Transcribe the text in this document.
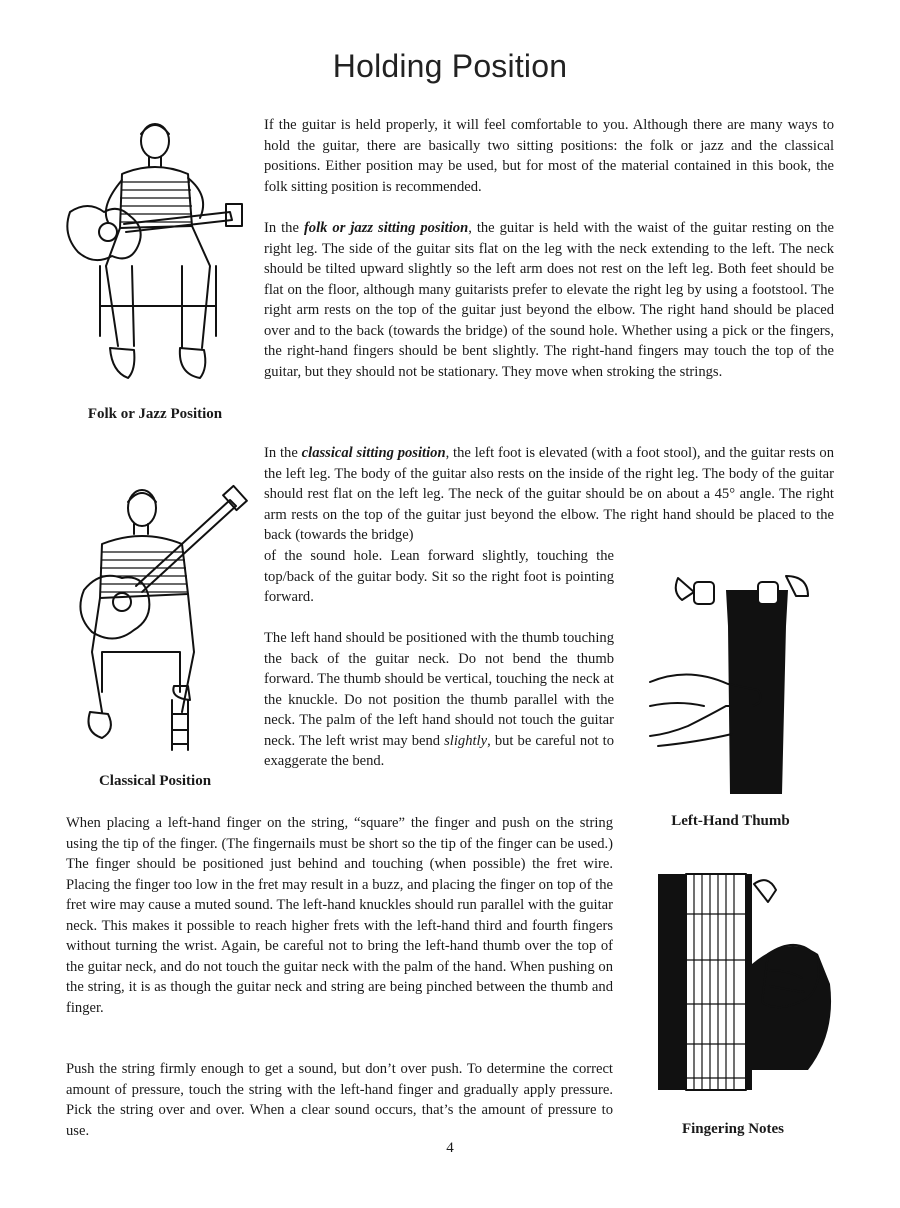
Holding Position
Folk or Jazz Position
Classical Position
Left-Hand Thumb
Fingering Notes

If the guitar is held properly, it will feel comfortable to you. Although there are many ways to hold the guitar, there are basically two sitting positions: the folk or jazz and the classical positions. Either position may be used, but for most of the material contained in this book, the folk sitting position is recommended.

In the folk or jazz sitting position, the guitar is held with the waist of the guitar resting on the right leg. The side of the guitar sits flat on the leg with the neck extending to the left. The neck should be tilted upward slightly so the left arm does not rest on the left leg. Both feet should be flat on the floor, although many guitarists prefer to elevate the right leg by using a footstool. The right arm rests on the top of the guitar just beyond the elbow. The right hand should be placed over and to the back (towards the bridge) of the sound hole. Whether using a pick or the fingers, the right-hand fingers should be bent slightly. The right-hand fingers may touch the top of the guitar, but they should not be stationary. They move when stroking the strings.

In the classical sitting position, the left foot is elevated (with a foot stool), and the guitar rests on the left leg. The body of the guitar also rests on the inside of the right leg. The body of the guitar should rest flat on the left leg. The neck of the guitar should be on about a 45° angle. The right arm rests on the top of the guitar just beyond the elbow. The right hand should be placed to the back (towards the bridge)

of the sound hole. Lean forward slightly, touching the top/back of the guitar body. Sit so the right foot is pointing forward.

The left hand should be positioned with the thumb touching the back of the guitar neck. Do not bend the thumb forward. The thumb should be vertical, touching the neck at the knuckle. Do not position the thumb parallel with the neck. The palm of the left hand should not touch the guitar neck. The left wrist may bend slightly, but be careful not to exaggerate the bend.

When placing a left-hand finger on the string, “square” the finger and push on the string using the tip of the finger. (The fingernails must be short so the tip of the finger can be used.) The finger should be positioned just behind and touching (when possible) the fret wire. Placing the finger too low in the fret may result in a buzz, and placing the finger on top of the fret wire may cause a muted sound. The left-hand knuckles should run parallel with the guitar neck. This makes it possible to reach higher frets with the left-hand third and fourth fingers without turning the wrist. Again, be careful not to bring the left-hand thumb over the top of the guitar neck, and do not touch the guitar neck with the palm of the hand. When pushing on the string, it is as though the guitar neck and string are being pinched between the thumb and finger.

Push the string firmly enough to get a sound, but don’t over push. To determine the correct amount of pressure, touch the string with the left-hand finger and gradually apply pressure. Pick the string over and over. When a clear sound occurs, that’s the amount of pressure to use.

4
